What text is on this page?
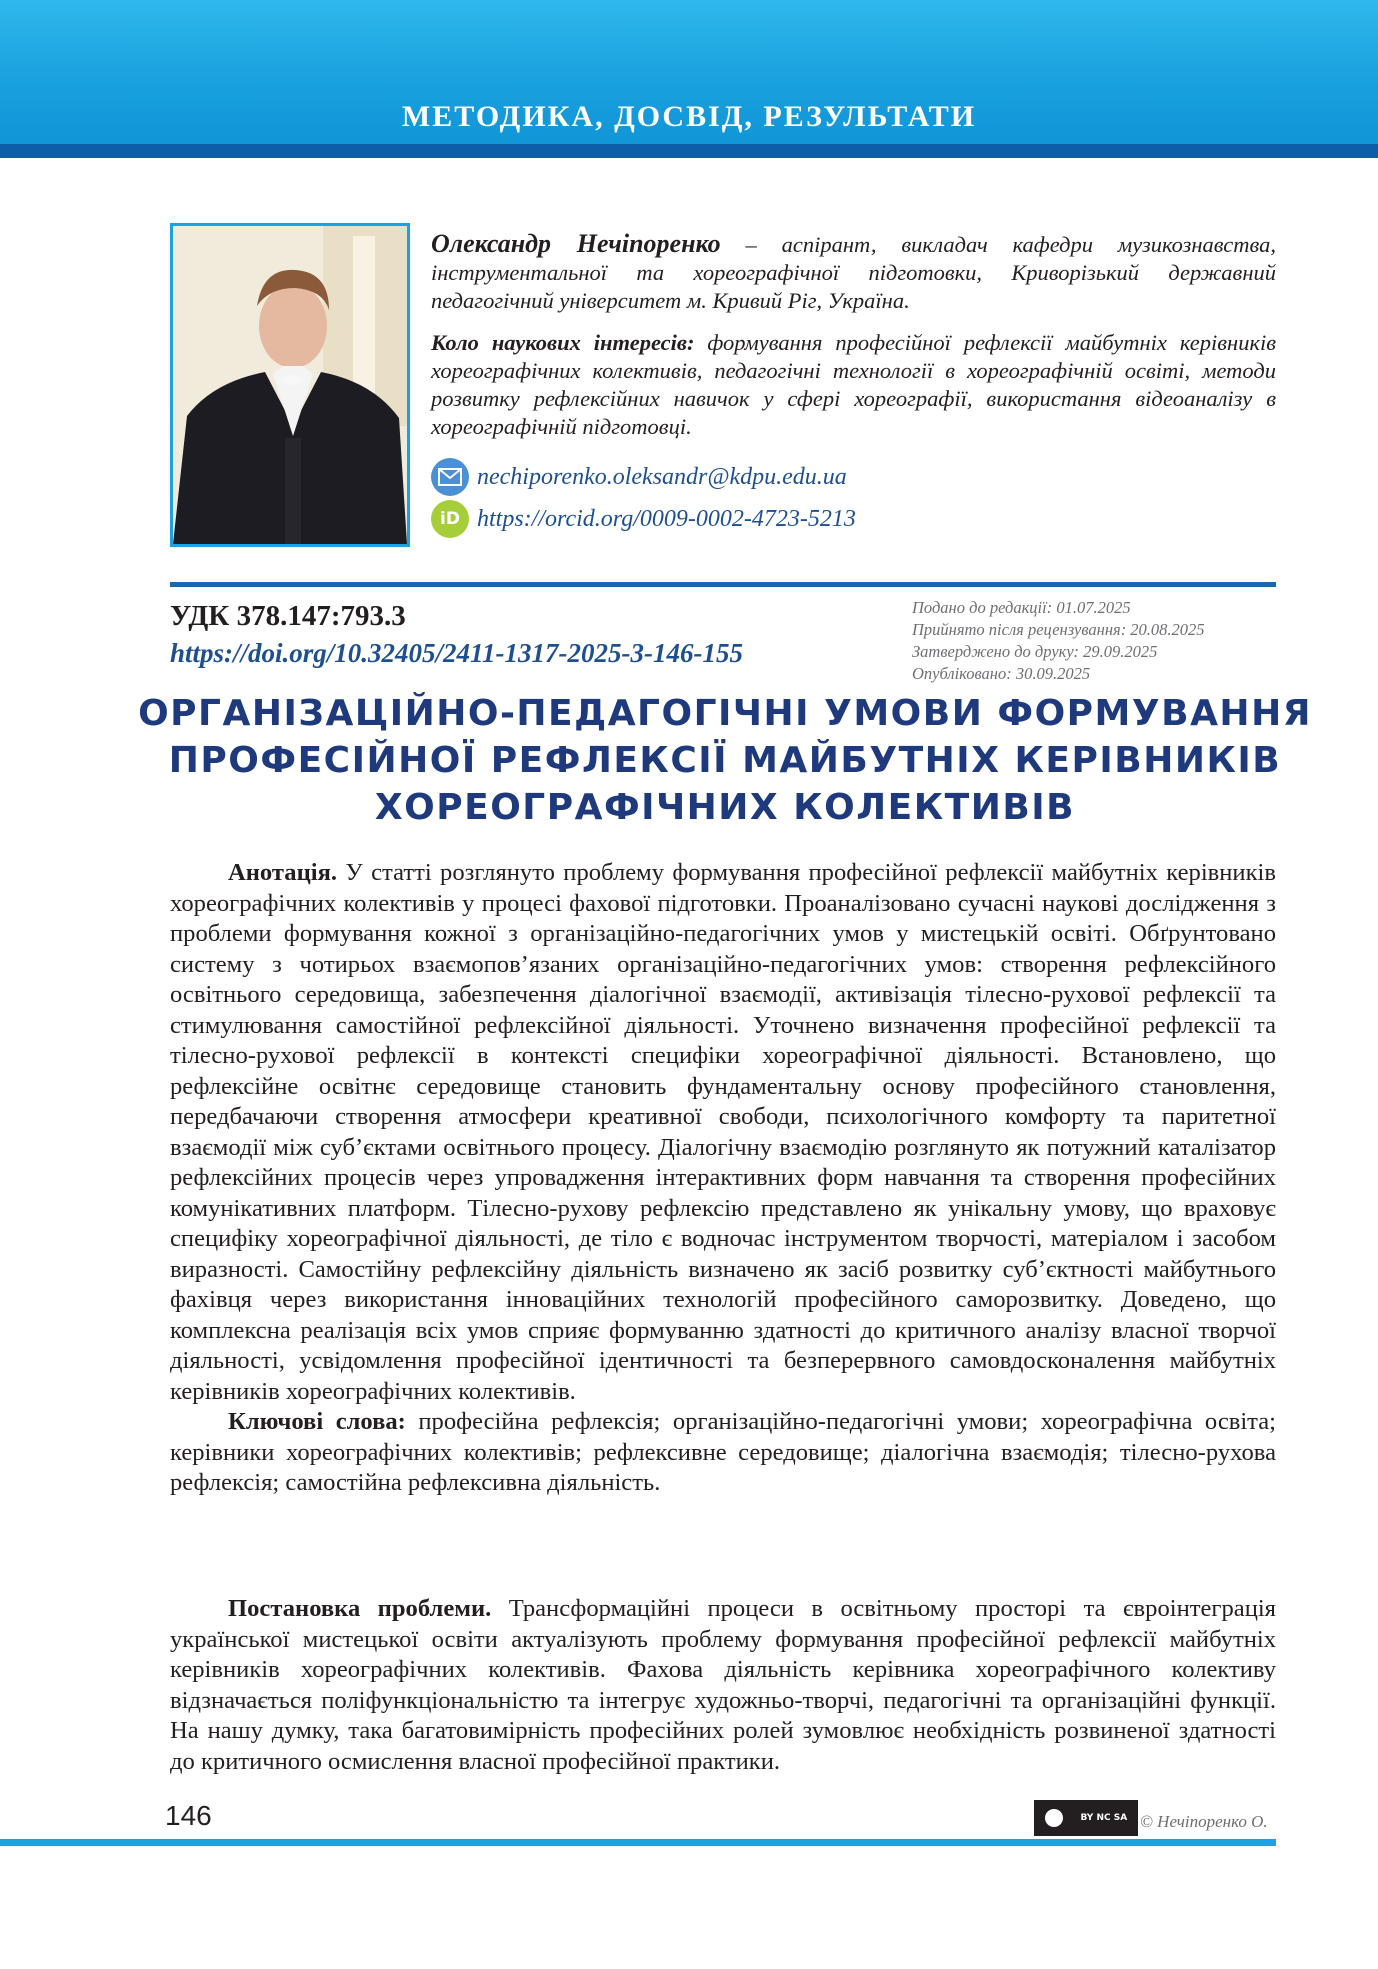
МЕТОДИКА, ДОСВІД, РЕЗУЛЬТАТИ

Олександр Нечіпоренко – аспірант, викладач кафедри музикознавства, інструментальної та хореографічної підготовки, Криворізький державний педагогічний університет м. Кривий Ріг, Україна.

Коло наукових інтересів: формування професійної рефлексії майбутніх керівників хореографічних колективів, педагогічні технології в хореографічній освіті, методи розвитку рефлексійних навичок у сфері хореографії, використання відеоаналізу в хореографічній підготовці.

nechiporenko.oleksandr@kdpu.edu.ua
iD https://orcid.org/0009-0002-4723-5213
УДК 378.147:793.3
https://doi.org/10.32405/2411-1317-2025-3-146-155
Подано до редакції: 01.07.2025
Прийнято після рецензування: 20.08.2025
Затверджено до друку: 29.09.2025
Опубліковано: 30.09.2025
ОРГАНІЗАЦІЙНО-ПЕДАГОГІЧНІ УМОВИ ФОРМУВАННЯ
ПРОФЕСІЙНОЇ РЕФЛЕКСІЇ МАЙБУТНІХ КЕРІВНИКІВ
ХОРЕОГРАФІЧНИХ КОЛЕКТИВІВ

Анотація. У статті розглянуто проблему формування професійної рефлексії майбутніх керівників хореографічних колективів у процесі фахової підготовки. Проаналізовано сучасні наукові дослідження з проблеми формування кожної з організаційно-педагогічних умов у мистецькій освіті. Обґрунтовано систему з чотирьох взаємопов’язаних організаційно-педагогічних умов: створення рефлексійного освітнього середовища, забезпечення діалогічної взаємодії, активізація тілесно-рухової рефлексії та стимулювання самостійної рефлексійної діяльності. Уточнено визначення професійної рефлексії та тілесно-рухової рефлексії в контексті специфіки хореографічної діяльності. Встановлено, що рефлексійне освітнє середовище становить фундаментальну основу професійного становлення, передбачаючи створення атмосфери креативної свободи, психологічного комфорту та паритетної взаємодії між суб’єктами освітнього процесу. Діалогічну взаємодію розглянуто як потужний каталізатор рефлексійних процесів через упровадження інтерактивних форм навчання та створення професійних комунікативних платформ. Тілесно-рухову рефлексію представлено як унікальну умову, що враховує специфіку хореографічної діяльності, де тіло є водночас інструментом творчості, матеріалом і засобом виразності. Самостійну рефлексійну діяльність визначено як засіб розвитку суб’єктності майбутнього фахівця через використання інноваційних технологій професійного саморозвитку. Доведено, що комплексна реалізація всіх умов сприяє формуванню здатності до критичного аналізу власної творчої діяльності, усвідомлення професійної ідентичності та безперервного самовдосконалення майбутніх керівників хореографічних колективів.

Ключові слова: професійна рефлексія; організаційно-педагогічні умови; хореографічна освіта; керівники хореографічних колективів; рефлексивне середовище; діалогічна взаємодія; тілесно-рухова рефлексія; самостійна рефлексивна діяльність.

Постановка проблеми. Трансформаційні процеси в освітньому просторі та євроінтеграція української мистецької освіти актуалізують проблему формування професійної рефлексії майбутніх керівників хореографічних колективів. Фахова діяльність керівника хореографічного колективу відзначається поліфункціональністю та інтегрує художньо-творчі, педагогічні та організаційні функції. На нашу думку, така багатовимірність професійних ролей зумовлює необхідність розвиненої здатності до критичного осмислення власної професійної практики.

146	BY NC SA © Нечіпоренко О.
